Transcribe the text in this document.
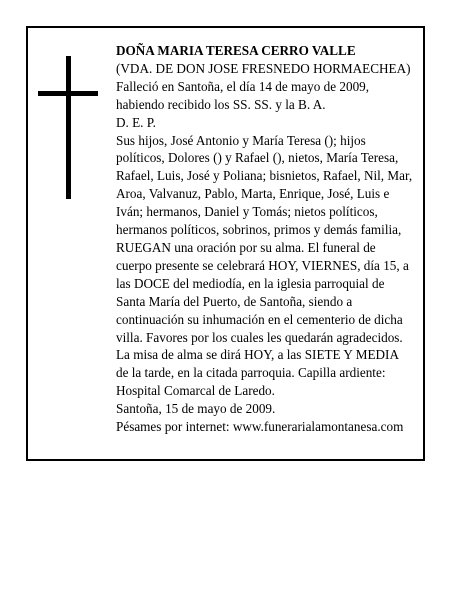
DOÑA MARIA TERESA CERRO VALLE
(VDA. DE DON JOSE FRESNEDO HORMAECHEA)
Falleció en Santoña, el día 14 de mayo de 2009,
habiendo recibido los SS. SS. y la B. A.
D. E. P.
Sus hijos, José Antonio y María Teresa (); hijos
políticos, Dolores () y Rafael (), nietos, María Teresa,
Rafael, Luis, José y Poliana; bisnietos, Rafael, Nil, Mar,
Aroa, Valvanuz, Pablo, Marta, Enrique, José, Luis e
Iván; hermanos, Daniel y Tomás; nietos políticos,
hermanos políticos, sobrinos, primos y demás familia,
RUEGAN una oración por su alma. El funeral de
cuerpo presente se celebrará HOY, VIERNES, día 15, a
las DOCE del mediodía, en la iglesia parroquial de
Santa María del Puerto, de Santoña, siendo a
continuación su inhumación en el cementerio de dicha
villa. Favores por los cuales les quedarán agradecidos.
La misa de alma se dirá HOY, a las SIETE Y MEDIA
de la tarde, en la citada parroquia. Capilla ardiente:
Hospital Comarcal de Laredo.
Santoña, 15 de mayo de 2009.
Pésames por internet: www.funerarialamontanesa.com
